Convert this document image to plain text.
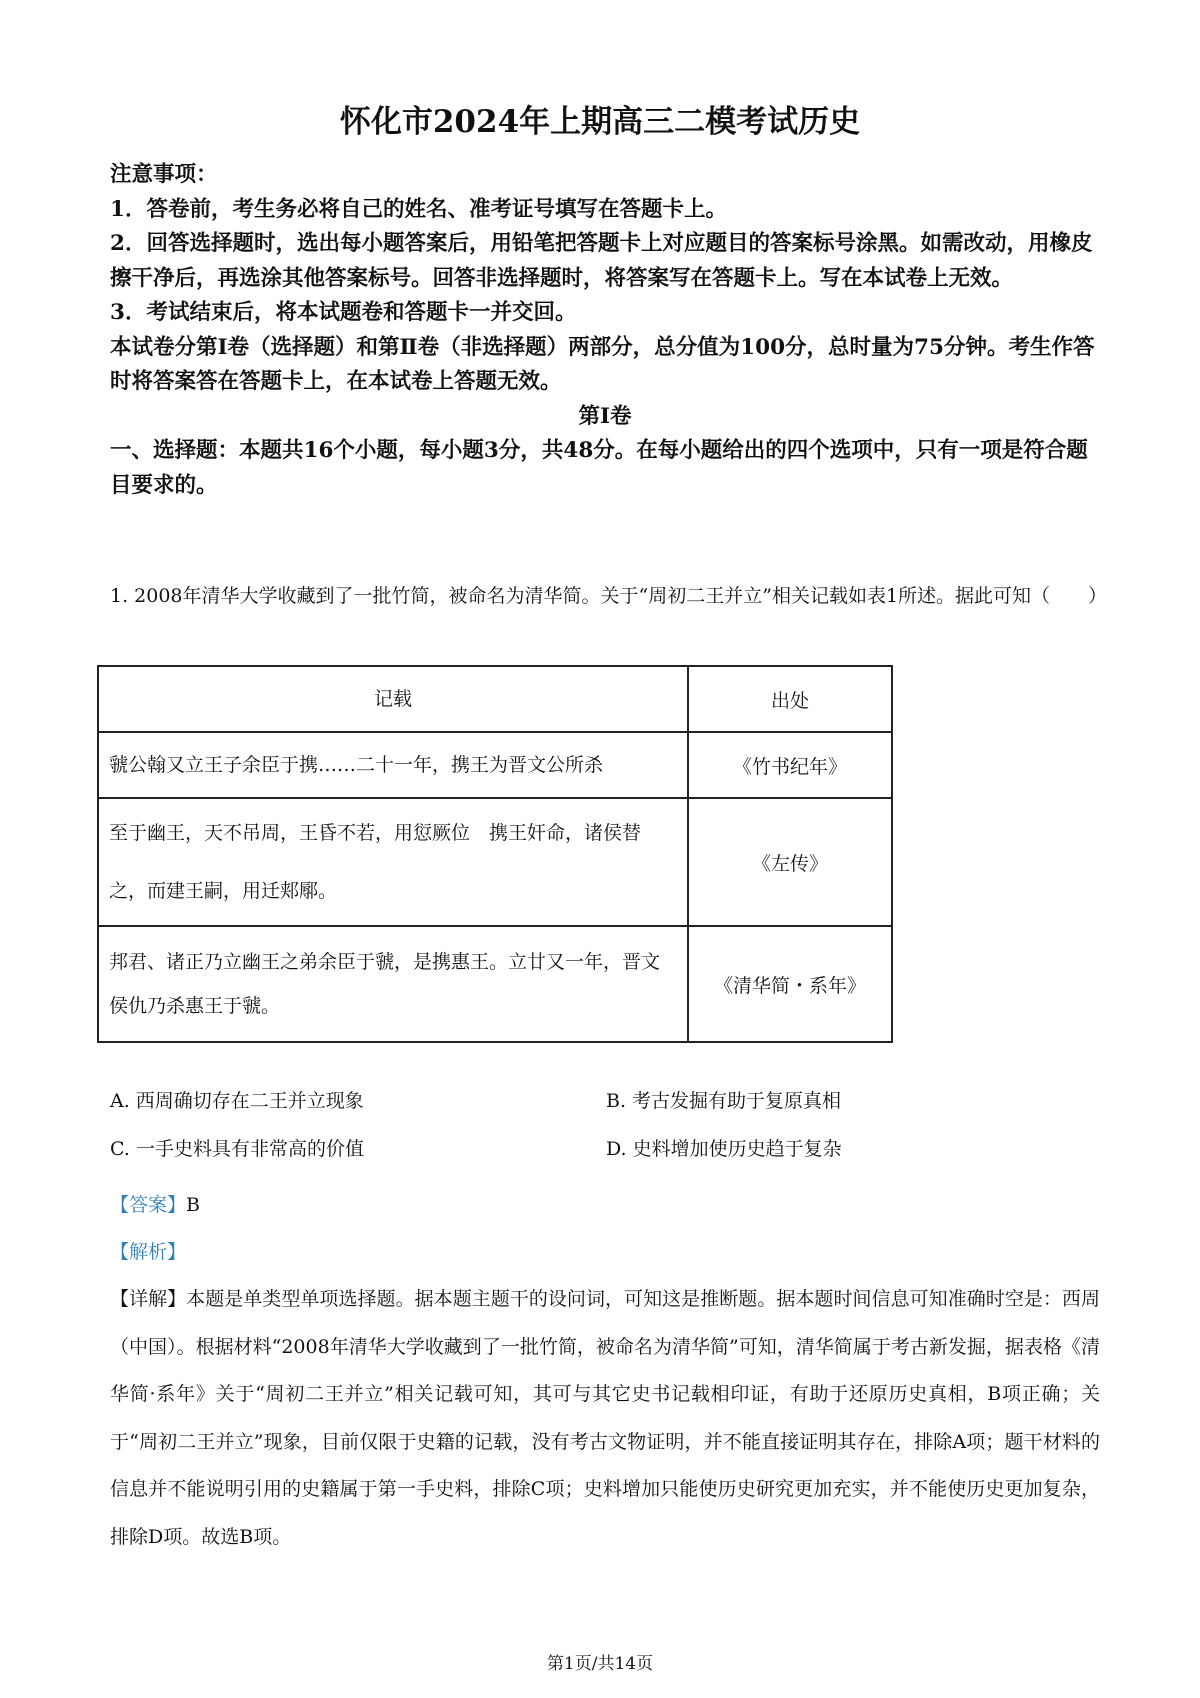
怀化市2024年上期高三二模考试历史

注意事项：

1．答卷前，考生务必将自己的姓名、准考证号填写在答题卡上。

2．回答选择题时，选出每小题答案后，用铅笔把答题卡上对应题目的答案标号涂黑。如需改动，用橡皮擦干净后，再选涂其他答案标号。回答非选择题时，将答案写在答题卡上。写在本试卷上无效。

3．考试结束后，将本试题卷和答题卡一并交回。

本试卷分第Ⅰ卷（选择题）和第Ⅱ卷（非选择题）两部分，总分值为100分，总时量为75分钟。考生作答时将答案答在答题卡上，在本试卷上答题无效。

第Ⅰ卷

一、选择题：本题共16个小题，每小题3分，共48分。在每小题给出的四个选项中，只有一项是符合题目要求的。

1. 2008年清华大学收藏到了一批竹简，被命名为清华简。关于“周初二王并立”相关记载如表1所述。据此可知（　　）

记载	出处
虢公翰又立王子余臣于携……二十一年，携王为晋文公所杀	《竹书纪年》
至于幽王，天不吊周，王昏不若，用愆厥位　携王奸命，诸侯替之，而建王嗣，用迁郏鄏。	《左传》
邦君、诸正乃立幽王之弟余臣于虢，是携惠王。立廿又一年，晋文侯仇乃杀惠王于虢。	《清华简・系年》
A. 西周确切存在二王并立现象	B. 考古发掘有助于复原真相
C. 一手史料具有非常高的价值	D. 史料增加使历史趋于复杂

【答案】B

【解析】

【详解】本题是单类型单项选择题。据本题主题干的设问词，可知这是推断题。据本题时间信息可知准确时空是：西周（中国）。根据材料“2008年清华大学收藏到了一批竹简，被命名为清华简”可知，清华简属于考古新发掘，据表格《清华简·系年》关于“周初二王并立”相关记载可知，其可与其它史书记载相印证，有助于还原历史真相，B项正确；关于“周初二王并立”现象，目前仅限于史籍的记载，没有考古文物证明，并不能直接证明其存在，排除A项；题干材料的信息并不能说明引用的史籍属于第一手史料，排除C项；史料增加只能使历史研究更加充实，并不能使历史更加复杂，排除D项。故选B项。

第1页/共14页
